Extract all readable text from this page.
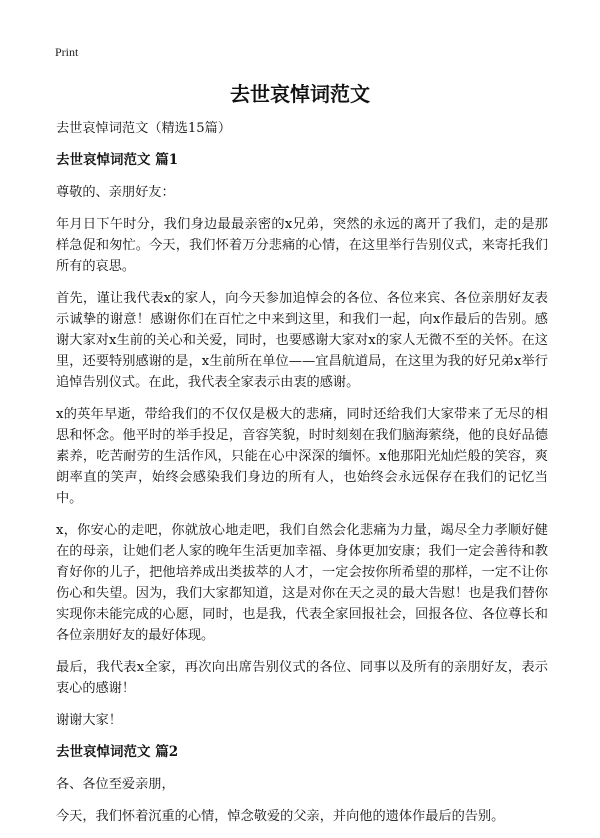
Print
去世哀悼词范文

去世哀悼词范文（精选15篇）

去世哀悼词范文 篇1

尊敬的、亲朋好友：

年月日下午时分，我们身边最最亲密的x兄弟，突然的永远的离开了我们，走的是那样急促和匆忙。今天，我们怀着万分悲痛的心情，在这里举行告别仪式，来寄托我们所有的哀思。

首先，谨让我代表x的家人，向今天参加追悼会的各位、各位来宾、各位亲朋好友表示诚挚的谢意！感谢你们在百忙之中来到这里，和我们一起，向x作最后的告别。感谢大家对x生前的关心和关爱，同时，也要感谢大家对x的家人无微不至的关怀。在这里，还要特别感谢的是，x生前所在单位——宜昌航道局，在这里为我的好兄弟x举行追悼告别仪式。在此，我代表全家表示由衷的感谢。

x的英年早逝，带给我们的不仅仅是极大的悲痛，同时还给我们大家带来了无尽的相思和怀念。他平时的举手投足，音容笑貌，时时刻刻在我们脑海萦绕，他的良好品德素养，吃苦耐劳的生活作风，只能在心中深深的缅怀。x他那阳光灿烂般的笑容，爽朗率直的笑声，始终会感染我们身边的所有人，也始终会永远保存在我们的记忆当中。

x，你安心的走吧，你就放心地走吧，我们自然会化悲痛为力量，竭尽全力孝顺好健在的母亲，让她们老人家的晚年生活更加幸福、身体更加安康；我们一定会善待和教育好你的儿子，把他培养成出类拔萃的人才，一定会按你所希望的那样，一定不让你伤心和失望。因为，我们大家都知道，这是对你在天之灵的最大告慰！也是我们替你实现你未能完成的心愿，同时，也是我，代表全家回报社会，回报各位、各位尊长和各位亲朋好友的最好体现。

最后，我代表x全家，再次向出席告别仪式的各位、同事以及所有的亲朋好友，表示衷心的感谢！

谢谢大家！

去世哀悼词范文 篇2

各、各位至爱亲朋，

今天，我们怀着沉重的心情，悼念敬爱的父亲，并向他的遗体作最后的告别。
